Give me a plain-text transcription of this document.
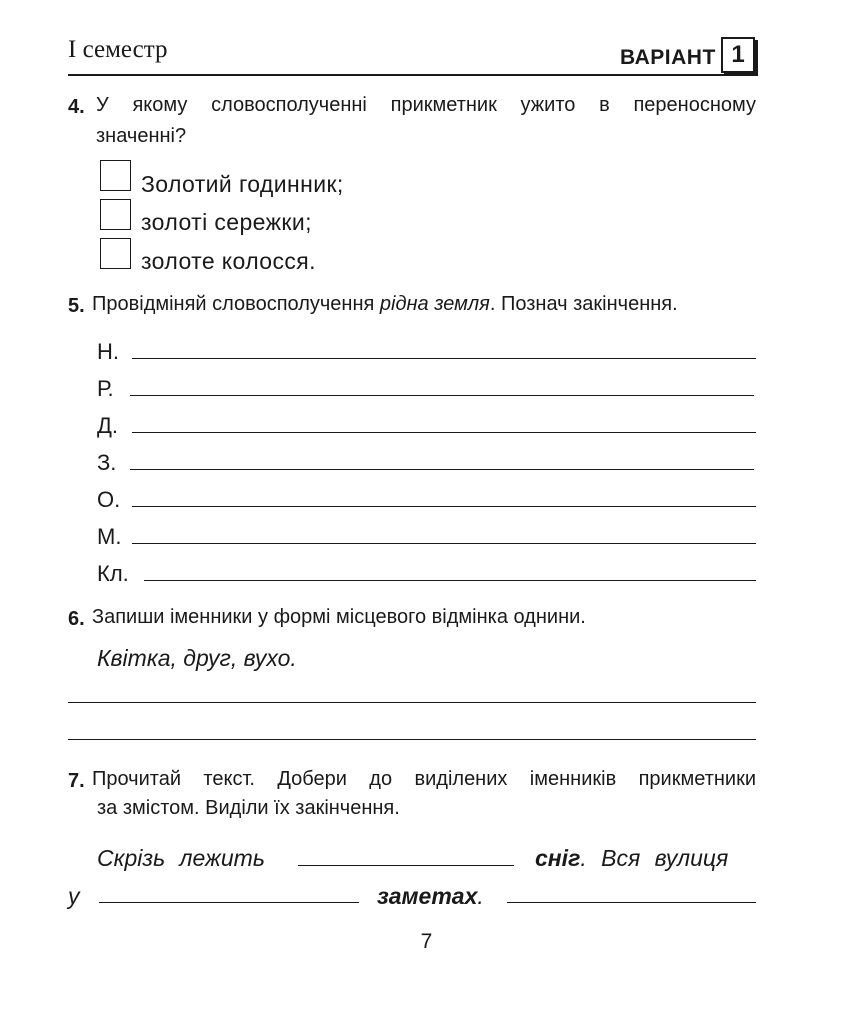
I семестр	ВАРІАНТ 1
4. У якому словосполученні прикметник ужито в переносному
значенні?
Золотий годинник;
золоті сережки;
золоте колосся.
5. Провідміняй словосполучення рідна земля. Познач закінчення.
Н.
Р.
Д.
З.
О.
М.
Кл.
6. Запиши іменники у формі місцевого відмінка однини.
Квітка, друг, вухо.
7. Прочитай текст. Добери до виділених іменників прикметники
за змістом. Виділи їх закінчення.
Скрізь лежить	сніг. Вся вулиця
у	заметах.
7
